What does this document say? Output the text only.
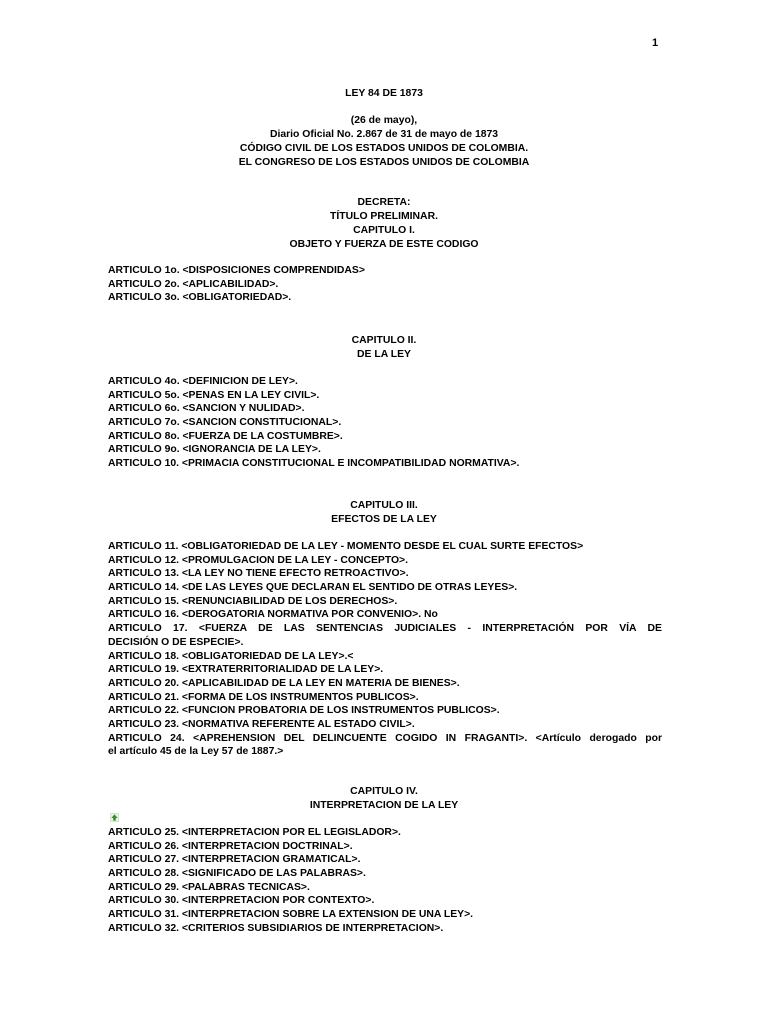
1
LEY 84 DE 1873
(26 de mayo),
Diario Oficial No. 2.867 de 31 de mayo de 1873
CÓDIGO CIVIL DE LOS ESTADOS UNIDOS DE COLOMBIA.
EL CONGRESO DE LOS ESTADOS UNIDOS DE COLOMBIA
DECRETA:
TÍTULO PRELIMINAR.
CAPITULO I.
OBJETO Y FUERZA DE ESTE CODIGO
ARTICULO 1o. <DISPOSICIONES COMPRENDIDAS>
ARTICULO 2o. <APLICABILIDAD>.
ARTICULO 3o. <OBLIGATORIEDAD>.
CAPITULO II.
DE LA LEY
ARTICULO 4o. <DEFINICION DE LEY>.
ARTICULO 5o. <PENAS EN LA LEY CIVIL>.
ARTICULO 6o. <SANCION Y NULIDAD>.
ARTICULO 7o. <SANCION CONSTITUCIONAL>.
ARTICULO 8o. <FUERZA DE LA COSTUMBRE>.
ARTICULO 9o. <IGNORANCIA DE LA LEY>.
ARTICULO 10. <PRIMACIA CONSTITUCIONAL E INCOMPATIBILIDAD NORMATIVA>.
CAPITULO III.
EFECTOS DE LA LEY
ARTICULO 11. <OBLIGATORIEDAD DE LA LEY - MOMENTO DESDE EL CUAL SURTE EFECTOS>
ARTICULO 12. <PROMULGACION DE LA LEY - CONCEPTO>.
ARTICULO 13. <LA LEY NO TIENE EFECTO RETROACTIVO>.
ARTICULO 14. <DE LAS LEYES QUE DECLARAN EL SENTIDO DE OTRAS LEYES>.
ARTICULO 15. <RENUNCIABILIDAD DE LOS DERECHOS>.
ARTICULO 16. <DEROGATORIA NORMATIVA POR CONVENIO>. No
ARTICULO 17. <FUERZA DE LAS SENTENCIAS JUDICIALES - INTERPRETACIÓN POR VÍA DE
DECISIÓN O DE ESPECIE>.
ARTICULO 18. <OBLIGATORIEDAD DE LA LEY>.<
ARTICULO 19. <EXTRATERRITORIALIDAD DE LA LEY>.
ARTICULO 20. <APLICABILIDAD DE LA LEY EN MATERIA DE BIENES>.
ARTICULO 21. <FORMA DE LOS INSTRUMENTOS PUBLICOS>.
ARTICULO 22. <FUNCION PROBATORIA DE LOS INSTRUMENTOS PUBLICOS>.
ARTICULO 23. <NORMATIVA REFERENTE AL ESTADO CIVIL>.
ARTICULO 24. <APREHENSION DEL DELINCUENTE COGIDO IN FRAGANTI>. <Artículo derogado por
el artículo 45 de la Ley 57 de 1887.>
CAPITULO IV.
INTERPRETACION DE LA LEY
ARTICULO 25. <INTERPRETACION POR EL LEGISLADOR>.
ARTICULO 26. <INTERPRETACION DOCTRINAL>.
ARTICULO 27. <INTERPRETACION GRAMATICAL>.
ARTICULO 28. <SIGNIFICADO DE LAS PALABRAS>.
ARTICULO 29. <PALABRAS TECNICAS>.
ARTICULO 30. <INTERPRETACION POR CONTEXTO>.
ARTICULO 31. <INTERPRETACION SOBRE LA EXTENSION DE UNA LEY>.
ARTICULO 32. <CRITERIOS SUBSIDIARIOS DE INTERPRETACION>.
